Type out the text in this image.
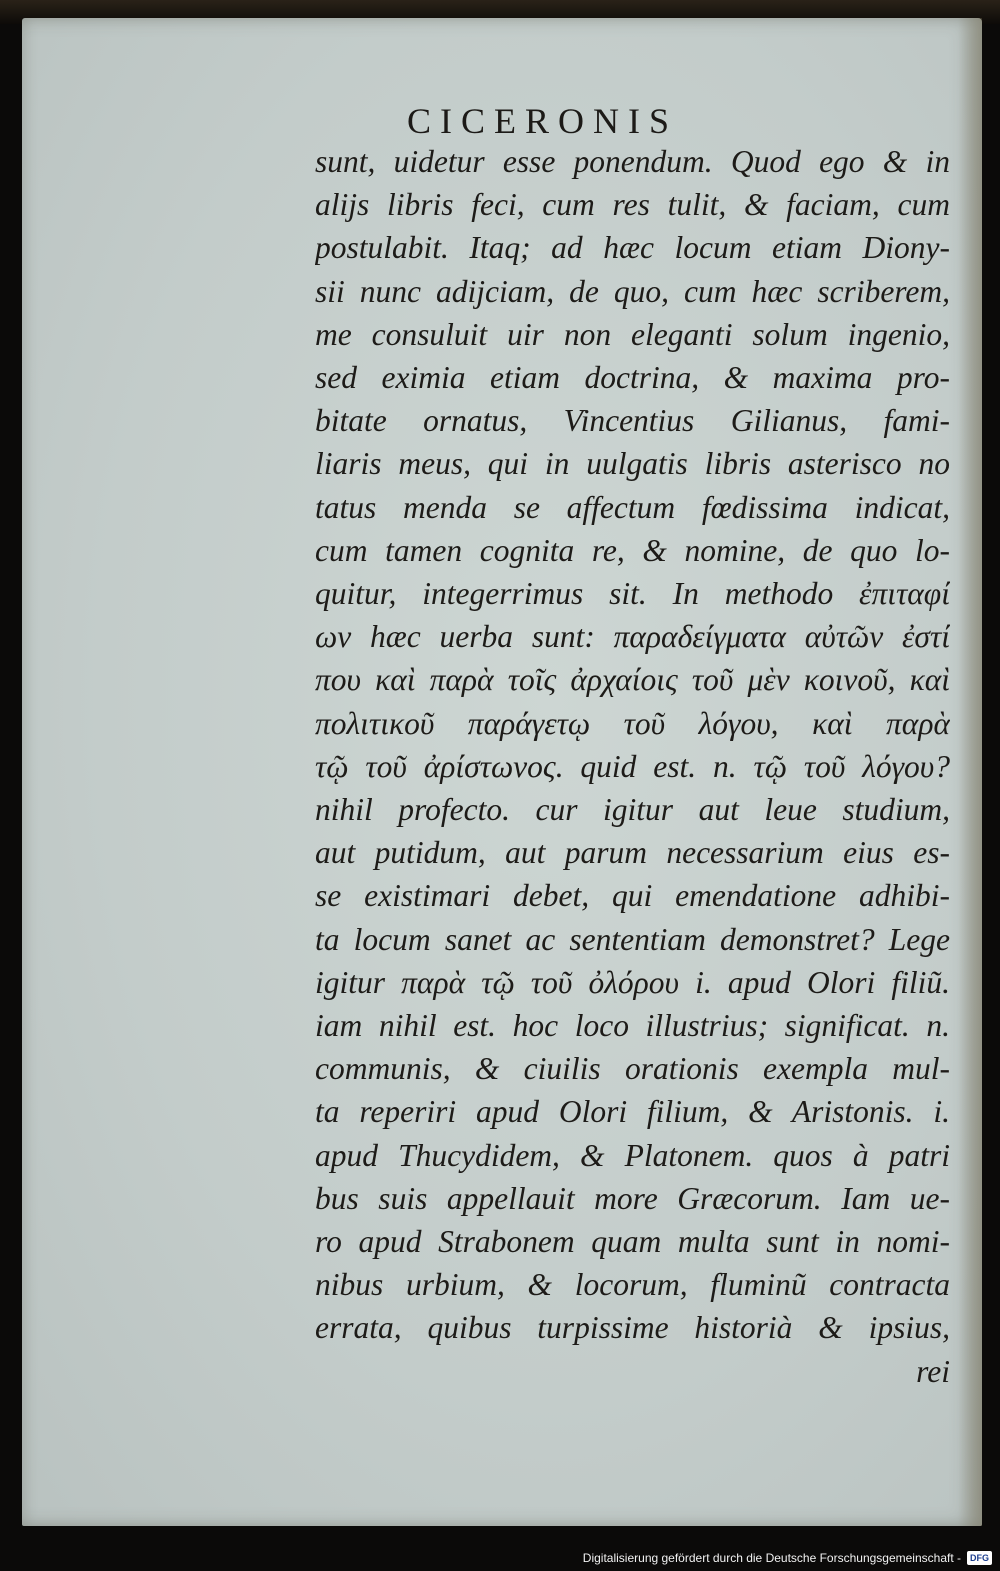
CICERONIS
sunt, uidetur esse ponendum. Quod ego & in
alijs libris feci, cum res tulit, & faciam, cum
postulabit. Itaq; ad hæc locum etiam Diony-
sii nunc adijciam, de quo, cum hæc scriberem,
me consuluit uir non eleganti solum ingenio,
sed eximia etiam doctrina, & maxima pro-
bitate ornatus, Vincentius Gilianus, fami-
liaris meus, qui in uulgatis libris asterisco no
tatus menda se affectum fœdissima indicat,
cum tamen cognita re, & nomine, de quo lo-
quitur, integerrimus sit. In methodo ἐπιταφί
ων hæc uerba sunt: παραδείγματα αὐτῶν ἐστί
που καὶ παρὰ τοῖς ἀρχαίοις τοῦ μὲν κοινοῦ, καὶ
πολιτικοῦ παράγετῳ τοῦ λόγου, καὶ παρὰ
τῷ τοῦ ἀρίστωνος. quid est. n. τῷ τοῦ λόγου?
nihil profecto. cur igitur aut leue studium,
aut putidum, aut parum necessarium eius es-
se existimari debet, qui emendatione adhibi-
ta locum sanet ac sententiam demonstret? Lege
igitur παρὰ τῷ τοῦ ὀλόρου i. apud Olori filiũ.
iam nihil est. hoc loco illustrius; significat. n.
communis, & ciuilis orationis exempla mul-
ta reperiri apud Olori filium, & Aristonis. i.
apud Thucydidem, & Platonem. quos à patri
bus suis appellauit more Græcorum. Iam ue-
ro apud Strabonem quam multa sunt in nomi-
nibus urbium, & locorum, fluminũ contracta
errata, quibus turpissime historià & ipsius,
rei
Digitalisierung gefördert durch die Deutsche Forschungsgemeinschaft -	DFG
